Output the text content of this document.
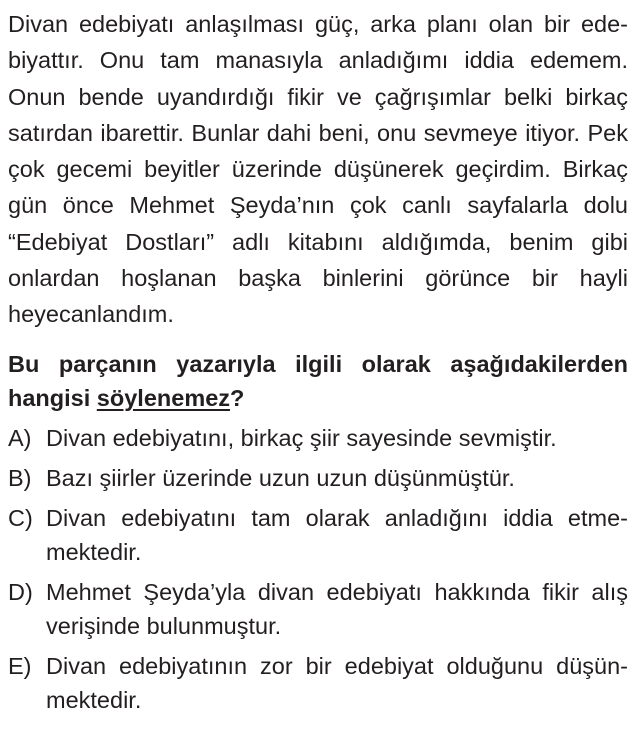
Divan edebiyatı anlaşılması güç, arka planı olan bir ede- biyattır. Onu tam manasıyla anladığımı iddia edemem. Onun bende uyandırdığı fikir ve çağrışımlar belki birkaç satırdan ibarettir. Bunlar dahi beni, onu sevmeye itiyor. Pek çok gecemi beyitler üzerinde düşünerek geçirdim. Birkaç gün önce Mehmet Şeyda’nın çok canlı sayfalarla dolu “Edebiyat Dostları” adlı kitabını aldığımda, benim gibi onlardan hoşlanan başka binlerini görünce bir hayli heyecanlandım.

Bu parçanın yazarıyla ilgili olarak aşağıdakilerden hangisi söylenemez?

A) Divan edebiyatını, birkaç şiir sayesinde sevmiştir.
B) Bazı şiirler üzerinde uzun uzun düşünmüştür.
C) Divan edebiyatını tam olarak anladığını iddia etme- mektedir.
D) Mehmet Şeyda’yla divan edebiyatı hakkında fikir alış verişinde bulunmuştur.
E) Divan edebiyatının zor bir edebiyat olduğunu düşün- mektedir.
